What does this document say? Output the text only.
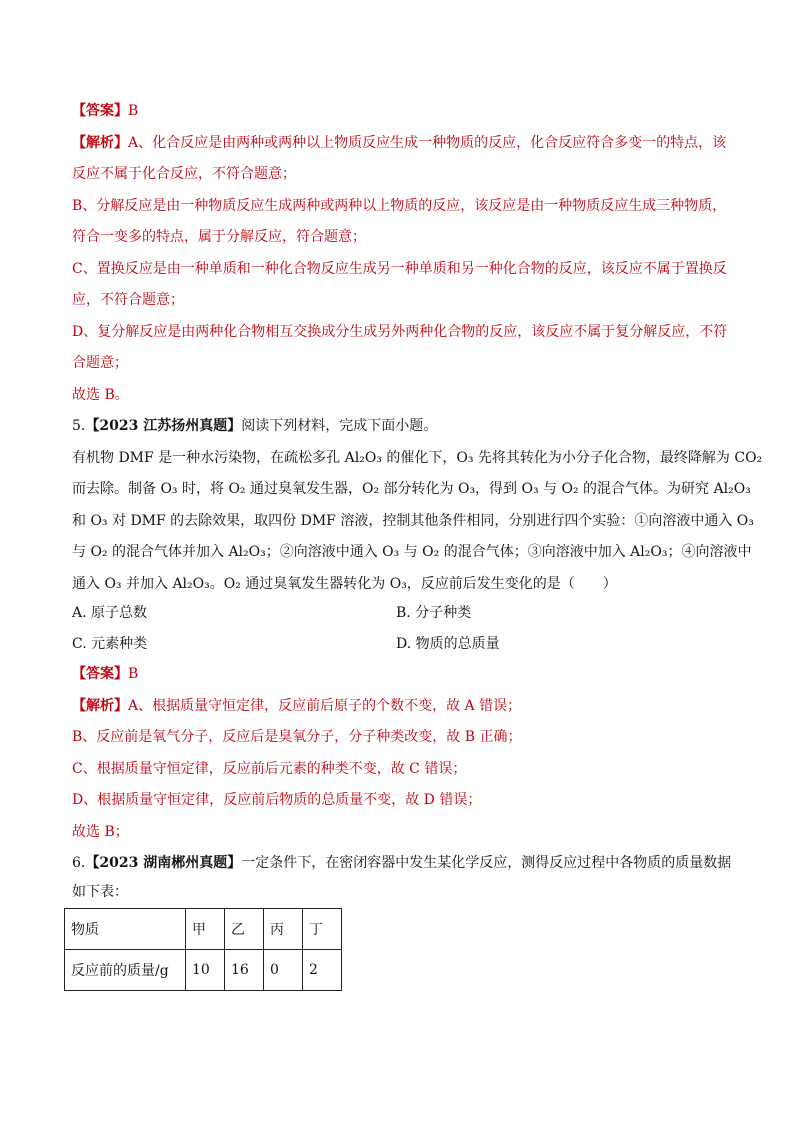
【答案】B
【解析】A、化合反应是由两种或两种以上物质反应生成一种物质的反应，化合反应符合多变一的特点，该
反应不属于化合反应，不符合题意；
B、分解反应是由一种物质反应生成两种或两种以上物质的反应，该反应是由一种物质反应生成三种物质，
符合一变多的特点，属于分解反应，符合题意；
C、置换反应是由一种单质和一种化合物反应生成另一种单质和另一种化合物的反应，该反应不属于置换反
应，不符合题意；
D、复分解反应是由两种化合物相互交换成分生成另外两种化合物的反应，该反应不属于复分解反应，不符
合题意；
故选 B。
5.【2023 江苏扬州真题】阅读下列材料，完成下面小题。
有机物 DMF 是一种水污染物，在疏松多孔 Al₂O₃ 的催化下，O₃ 先将其转化为小分子化合物，最终降解为 CO₂
而去除。制备 O₃ 时，将 O₂ 通过臭氧发生器，O₂ 部分转化为 O₃，得到 O₃ 与 O₂ 的混合气体。为研究 Al₂O₃
和 O₃ 对 DMF 的去除效果，取四份 DMF 溶液，控制其他条件相同，分别进行四个实验：①向溶液中通入 O₃
与 O₂ 的混合气体并加入 Al₂O₃；②向溶液中通入 O₃ 与 O₂ 的混合气体；③向溶液中加入 Al₂O₃；④向溶液中
通入 O₃ 并加入 Al₂O₃。O₂ 通过臭氧发生器转化为 O₃，反应前后发生变化的是（　　）
A. 原子总数	B. 分子种类
C. 元素种类	D. 物质的总质量
【答案】B
【解析】A、根据质量守恒定律，反应前后原子的个数不变，故 A 错误；
B、反应前是氧气分子，反应后是臭氧分子，分子种类改变，故 B 正确；
C、根据质量守恒定律，反应前后元素的种类不变，故 C 错误；
D、根据质量守恒定律，反应前后物质的总质量不变，故 D 错误；
故选 B；
6.【2023 湖南郴州真题】一定条件下，在密闭容器中发生某化学反应，测得反应过程中各物质的质量数据
如下表：
物质	甲	乙	丙	丁
反应前的质量/g	10	16	0	2
